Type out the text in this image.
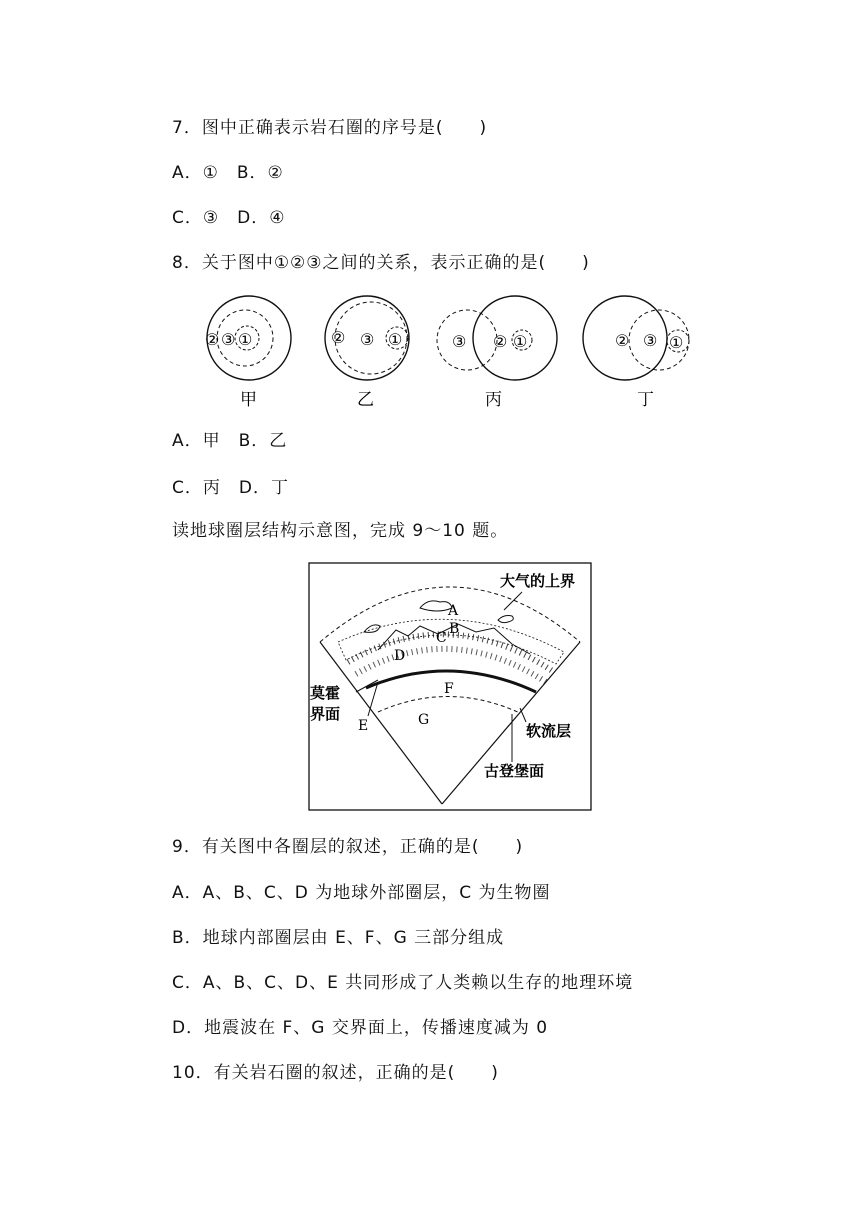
7．图中正确表示岩石圈的序号是(　　)
A．①　B．②
C．③　D．④
8．关于图中①②③之间的关系，表示正确的是(　　)
② ③ ①
甲
② ③ ①
乙
③ ② ①
丙
② ③ ①
丁
A．甲　B．乙
C．丙　D．丁
读地球圈层结构示意图，完成 9～10 题。
大气的上界
A
B
C
D
E
F
G
莫霍
界面
软流层
古登堡面
9．有关图中各圈层的叙述，正确的是(　　)
A．A、B、C、D 为地球外部圈层，C 为生物圈
B．地球内部圈层由 E、F、G 三部分组成
C．A、B、C、D、E 共同形成了人类赖以生存的地理环境
D．地震波在 F、G 交界面上，传播速度减为 0
10．有关岩石圈的叙述，正确的是(　　)
